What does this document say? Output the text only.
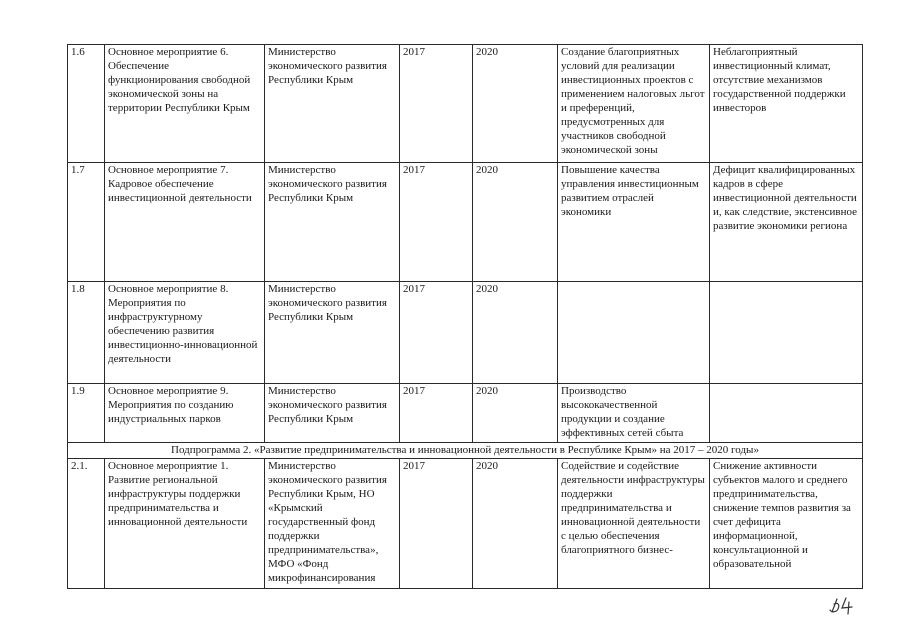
1.6	Основное мероприятие 6. Обеспечение функционирования свободной экономической зоны на территории Республики Крым	Министерство экономического развития Республики Крым	2017	2020	Создание благоприятных условий для реализации инвестиционных проектов с применением налоговых льгот и преференций, предусмотренных для участников свободной экономической зоны	Неблагоприятный инвестиционный климат, отсутствие механизмов государственной поддержки инвесторов

1.7	Основное мероприятие 7. Кадровое обеспечение инвестиционной деятельности	Министерство экономического развития Республики Крым	2017	2020	Повышение качества управления инвестиционным развитием отраслей экономики	Дефицит квалифицированных кадров в сфере инвестиционной деятельности и, как следствие, экстенсивное развитие экономики региона

1.8	Основное мероприятие 8. Мероприятия по инфраструктурному обеспечению развития инвестиционно-инновационной деятельности	Министерство экономического развития Республики Крым	2017	2020		

1.9	Основное мероприятие 9. Мероприятия по созданию индустриальных парков	Министерство экономического развития Республики Крым	2017	2020	Производство высококачественной продукции и создание эффективных сетей сбыта	

Подпрограмма 2. «Развитие предпринимательства и инновационной деятельности в Республике Крым» на 2017 – 2020 годы»						

2.1.	Основное мероприятие 1. Развитие региональной инфраструктуры поддержки предпринимательства и инновационной деятельности	Министерство экономического развития Республики Крым, НО «Крымский государственный фонд поддержки предпринимательства», МФО «Фонд микрофинансирования	2017	2020	Содействие и содействие деятельности инфраструктуры поддержки предпринимательства и инновационной деятельности с целью обеспечения благоприятного бизнес-	Снижение активности субъектов малого и среднего предпринимательства, снижение темпов развития за счет дефицита информационной, консультационной и образовательной
